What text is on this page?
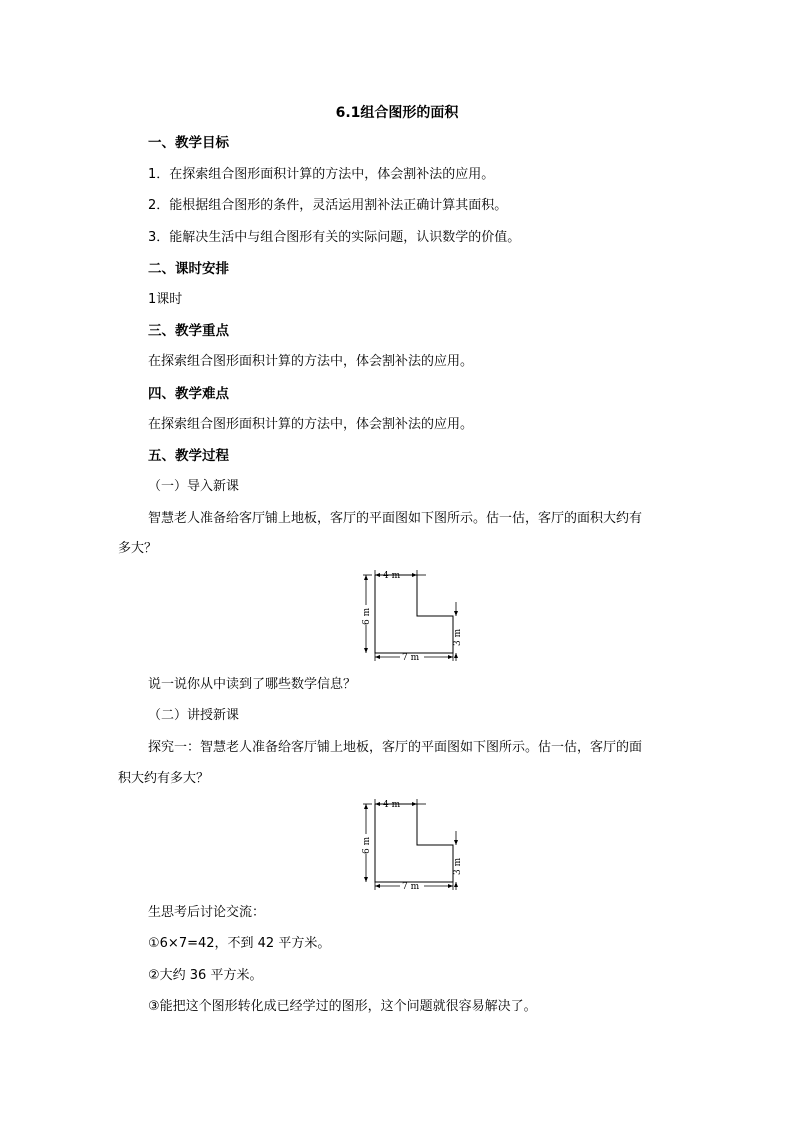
6.1组合图形的面积
一、教学目标
1．在探索组合图形面积计算的方法中，体会割补法的应用。
2．能根据组合图形的条件，灵活运用割补法正确计算其面积。
3．能解决生活中与组合图形有关的实际问题，认识数学的价值。
二、课时安排
1课时
三、教学重点
在探索组合图形面积计算的方法中，体会割补法的应用。
四、教学难点
在探索组合图形面积计算的方法中，体会割补法的应用。
五、教学过程
（一）导入新课
智慧老人准备给客厅铺上地板，客厅的平面图如下图所示。估一估，客厅的面积大约有
多大？
4 m
6 m
3 m
7 m
说一说你从中读到了哪些数学信息？
（二）讲授新课
探究一：智慧老人准备给客厅铺上地板，客厅的平面图如下图所示。估一估，客厅的面
积大约有多大？
4 m
6 m
3 m
7 m
生思考后讨论交流：
①6×7=42，不到 42 平方米。
②大约 36 平方米。
③能把这个图形转化成已经学过的图形，这个问题就很容易解决了。
